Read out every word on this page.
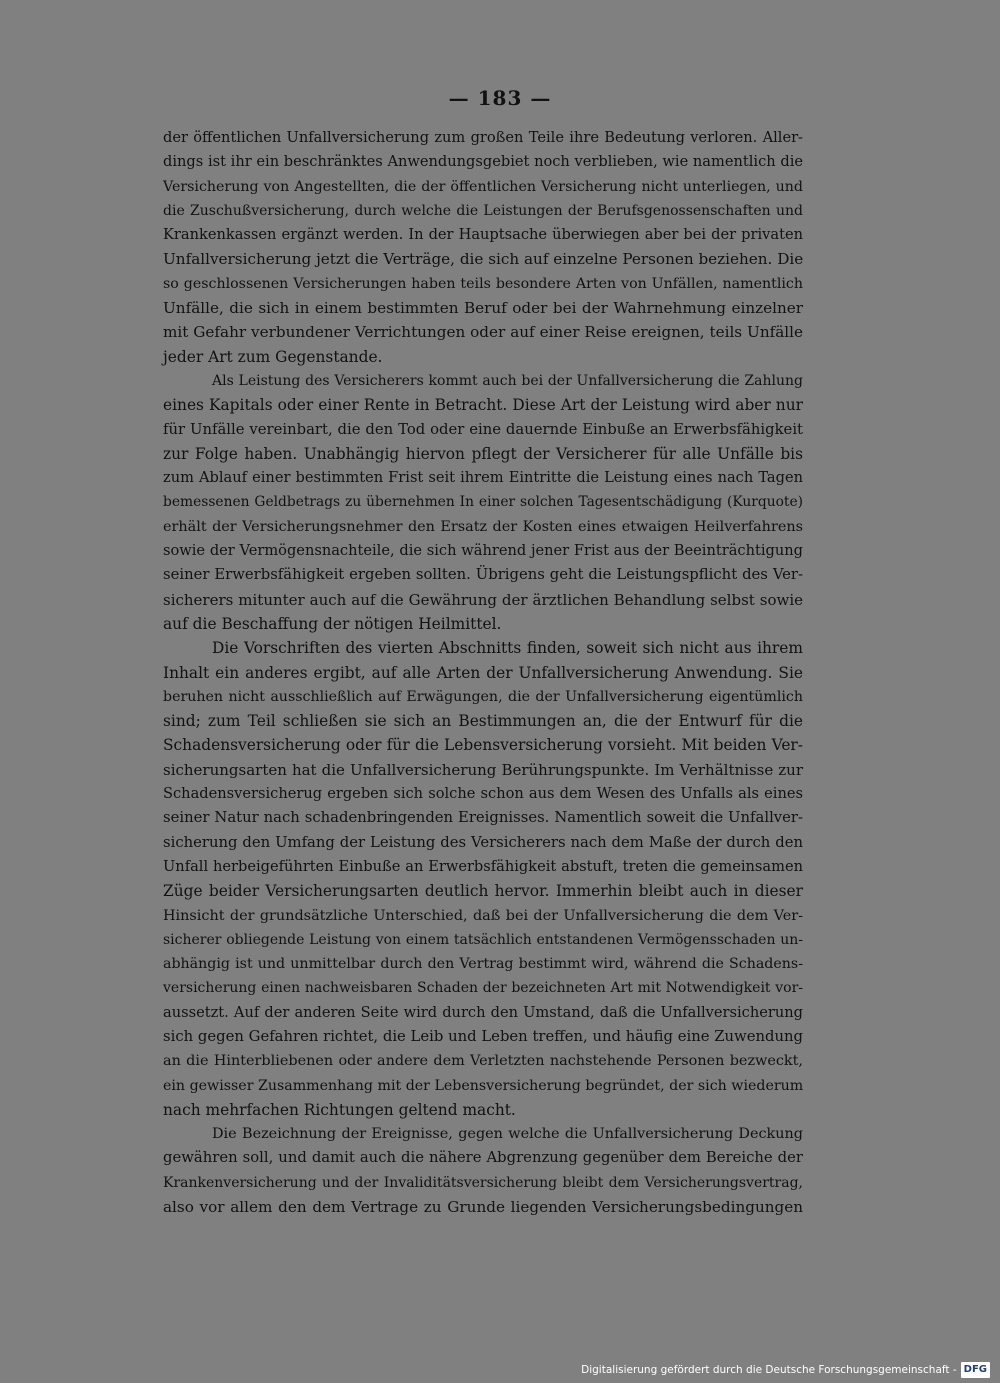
— 183 —
der öffentlichen Unfallversicherung zum großen Teile ihre Bedeutung verloren. Aller-
dings ist ihr ein beschränktes Anwendungsgebiet noch verblieben, wie namentlich die
Versicherung von Angestellten, die der öffentlichen Versicherung nicht unterliegen, und
die Zuschußversicherung, durch welche die Leistungen der Berufsgenossenschaften und
Krankenkassen ergänzt werden. In der Hauptsache überwiegen aber bei der privaten
Unfallversicherung jetzt die Verträge, die sich auf einzelne Personen beziehen. Die
so geschlossenen Versicherungen haben teils besondere Arten von Unfällen, namentlich
Unfälle, die sich in einem bestimmten Beruf oder bei der Wahrnehmung einzelner
mit Gefahr verbundener Verrichtungen oder auf einer Reise ereignen, teils Unfälle
jeder Art zum Gegenstande.
Als Leistung des Versicherers kommt auch bei der Unfallversicherung die Zahlung
eines Kapitals oder einer Rente in Betracht. Diese Art der Leistung wird aber nur
für Unfälle vereinbart, die den Tod oder eine dauernde Einbuße an Erwerbsfähigkeit
zur Folge haben. Unabhängig hiervon pflegt der Versicherer für alle Unfälle bis
zum Ablauf einer bestimmten Frist seit ihrem Eintritte die Leistung eines nach Tagen
bemessenen Geldbetrags zu übernehmen In einer solchen Tagesentschädigung (Kurquote)
erhält der Versicherungsnehmer den Ersatz der Kosten eines etwaigen Heilverfahrens
sowie der Vermögensnachteile, die sich während jener Frist aus der Beeinträchtigung
seiner Erwerbsfähigkeit ergeben sollten. Übrigens geht die Leistungspflicht des Ver-
sicherers mitunter auch auf die Gewährung der ärztlichen Behandlung selbst sowie
auf die Beschaffung der nötigen Heilmittel.
Die Vorschriften des vierten Abschnitts finden, soweit sich nicht aus ihrem
Inhalt ein anderes ergibt, auf alle Arten der Unfallversicherung Anwendung. Sie
beruhen nicht ausschließlich auf Erwägungen, die der Unfallversicherung eigentümlich
sind; zum Teil schließen sie sich an Bestimmungen an, die der Entwurf für die
Schadensversicherung oder für die Lebensversicherung vorsieht. Mit beiden Ver-
sicherungsarten hat die Unfallversicherung Berührungspunkte. Im Verhältnisse zur
Schadensversicherug ergeben sich solche schon aus dem Wesen des Unfalls als eines
seiner Natur nach schadenbringenden Ereignisses. Namentlich soweit die Unfallver-
sicherung den Umfang der Leistung des Versicherers nach dem Maße der durch den
Unfall herbeigeführten Einbuße an Erwerbsfähigkeit abstuft, treten die gemeinsamen
Züge beider Versicherungsarten deutlich hervor. Immerhin bleibt auch in dieser
Hinsicht der grundsätzliche Unterschied, daß bei der Unfallversicherung die dem Ver-
sicherer obliegende Leistung von einem tatsächlich entstandenen Vermögensschaden un-
abhängig ist und unmittelbar durch den Vertrag bestimmt wird, während die Schadens-
versicherung einen nachweisbaren Schaden der bezeichneten Art mit Notwendigkeit vor-
aussetzt. Auf der anderen Seite wird durch den Umstand, daß die Unfallversicherung
sich gegen Gefahren richtet, die Leib und Leben treffen, und häufig eine Zuwendung
an die Hinterbliebenen oder andere dem Verletzten nachstehende Personen bezweckt,
ein gewisser Zusammenhang mit der Lebensversicherung begründet, der sich wiederum
nach mehrfachen Richtungen geltend macht.
Die Bezeichnung der Ereignisse, gegen welche die Unfallversicherung Deckung
gewähren soll, und damit auch die nähere Abgrenzung gegenüber dem Bereiche der
Krankenversicherung und der Invaliditätsversicherung bleibt dem Versicherungsvertrag,
also vor allem den dem Vertrage zu Grunde liegenden Versicherungsbedingungen
Digitalisierung gefördert durch die Deutsche Forschungsgemeinschaft - DFG
